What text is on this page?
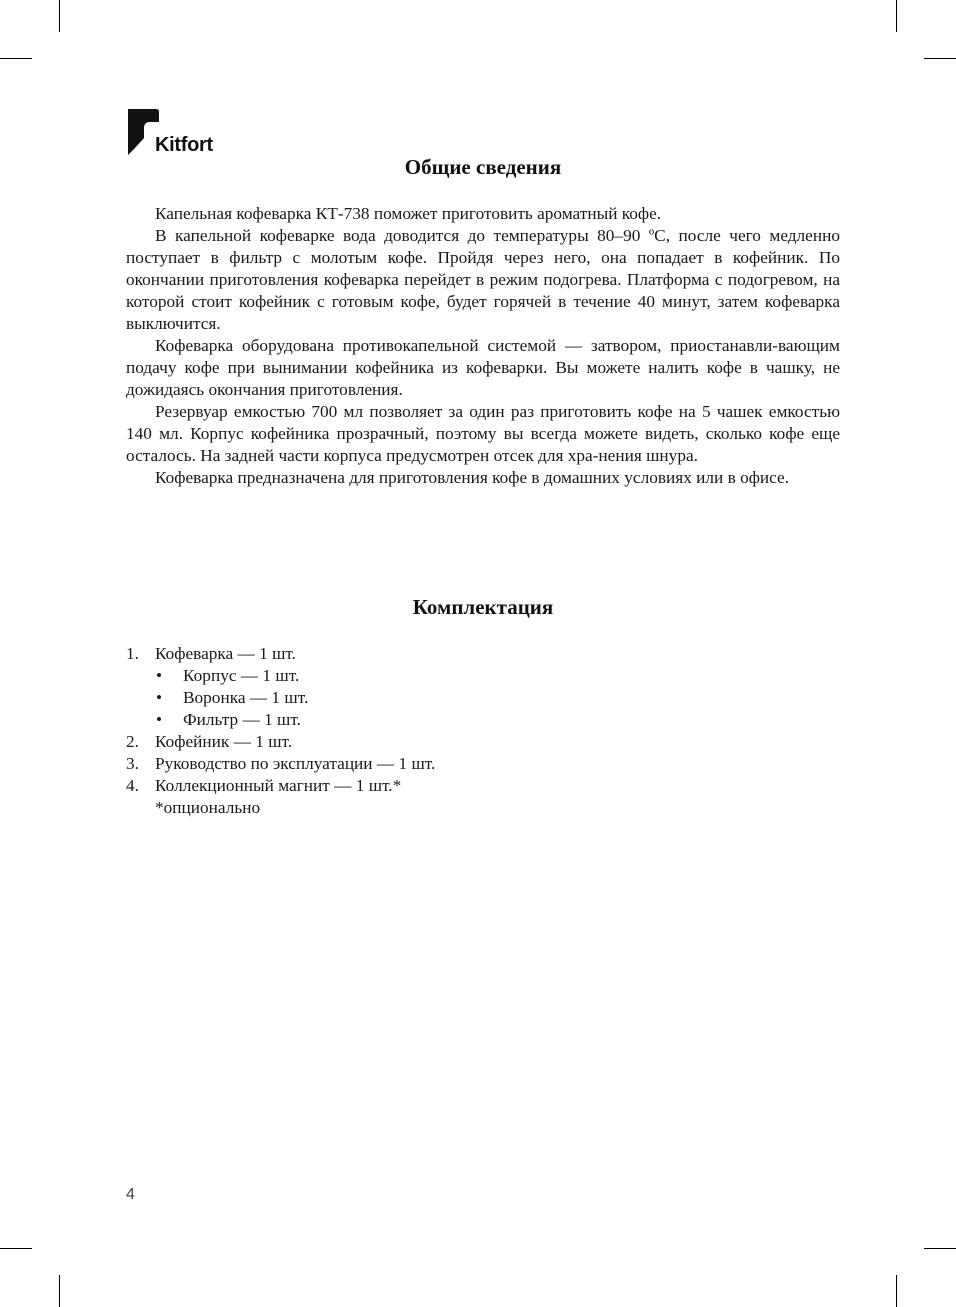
Kitfort
Общие сведения

Капельная кофеварка КТ-738 поможет приготовить ароматный кофе.

В капельной кофеварке вода доводится до температуры 80–90 ºС, после чего медленно поступает в фильтр с молотым кофе. Пройдя через него, она попадает в кофейник. По окончании приготовления кофеварка перейдет в режим подогрева. Платформа с подогревом, на которой стоит кофейник с готовым кофе, будет горячей в течение 40 минут, затем кофеварка выключится.

Кофеварка оборудована противокапельной системой — затвором, приостанавли-вающим подачу кофе при вынимании кофейника из кофеварки. Вы можете налить кофе в чашку, не дожидаясь окончания приготовления.

Резервуар емкостью 700 мл позволяет за один раз приготовить кофе на 5 чашек емкостью 140 мл. Корпус кофейника прозрачный, поэтому вы всегда можете видеть, сколько кофе еще осталось. На задней части корпуса предусмотрен отсек для хра-нения шнура.

Кофеварка предназначена для приготовления кофе в домашних условиях или в офисе.

Комплектация
1. Кофеварка — 1 шт.
• Корпус — 1 шт.
• Воронка — 1 шт.
• Фильтр — 1 шт.
2. Кофейник — 1 шт.
3. Руководство по эксплуатации — 1 шт.
4. Коллекционный магнит — 1 шт.*
*опционально
4
